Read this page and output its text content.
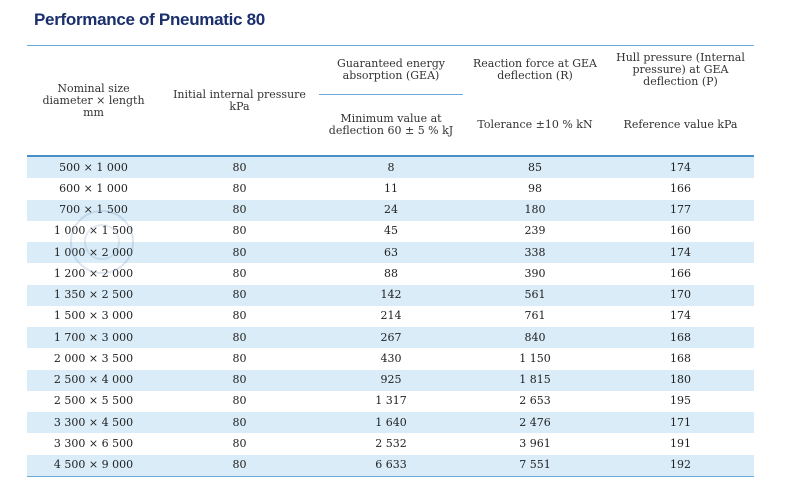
Performance of Pneumatic 80
Nominal size diameter × length mm	Initial internal pressure kPa	Guaranteed energy absorption (GEA)	Reaction force at GEA deflection (R)	Hull pressure (Internal pressure) at GEA deflection (P)
		Minimum value at deflection 60 ± 5 % kJ	Tolerance ±10 % kN	Reference value kPa
500 × 1 000	80	8	85	174
600 × 1 000	80	11	98	166
700 × 1 500	80	24	180	177
1 000 × 1 500	80	45	239	160
1 000 × 2 000	80	63	338	174
1 200 × 2 000	80	88	390	166
1 350 × 2 500	80	142	561	170
1 500 × 3 000	80	214	761	174
1 700 × 3 000	80	267	840	168
2 000 × 3 500	80	430	1 150	168
2 500 × 4 000	80	925	1 815	180
2 500 × 5 500	80	1 317	2 653	195
3 300 × 4 500	80	1 640	2 476	171
3 300 × 6 500	80	2 532	3 961	191
4 500 × 9 000	80	6 633	7 551	192
